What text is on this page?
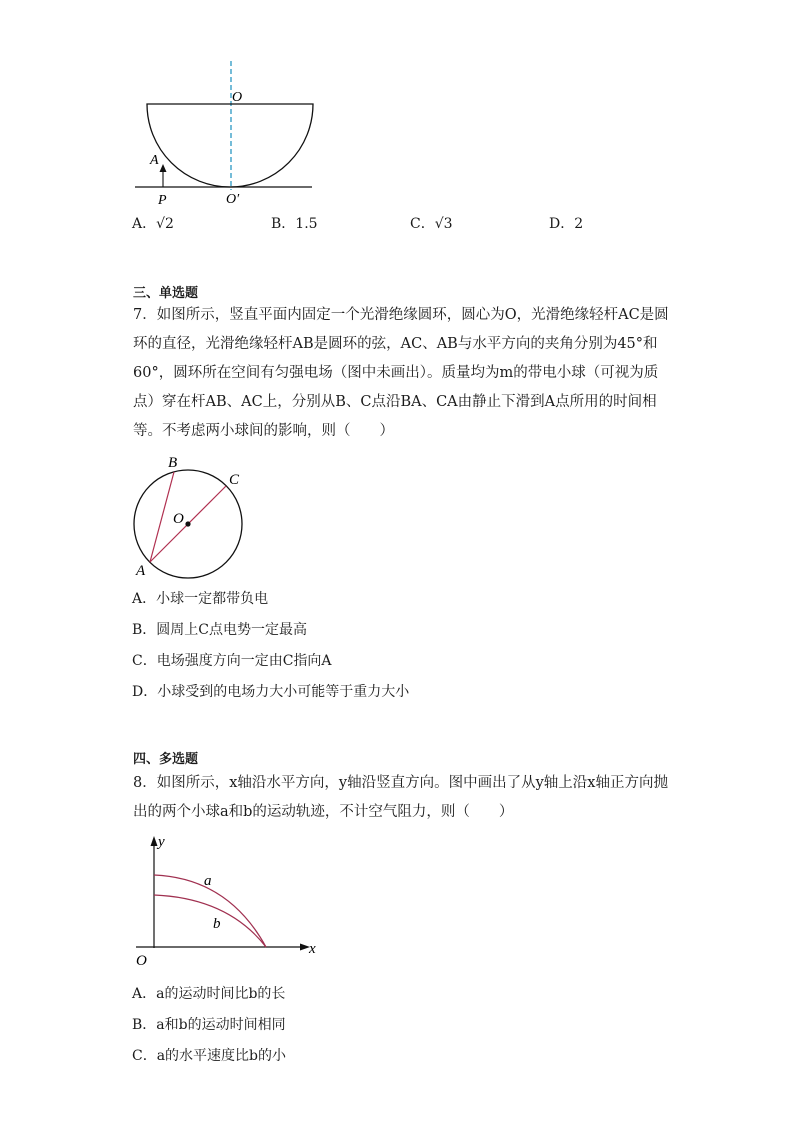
O
A
P	O′
A．√2	B．1.5	C．√3	D．2
三、单选题
7．如图所示，竖直平面内固定一个光滑绝缘圆环，圆心为O，光滑绝缘轻杆AC是圆环的直径，光滑绝缘轻杆AB是圆环的弦，AC、AB与水平方向的夹角分别为45°和60°，圆环所在空间有匀强电场（图中未画出）。质量均为m的带电小球（可视为质点）穿在杆AB、AC上，分别从B、C点沿BA、CA由静止下滑到A点所用的时间相等。不考虑两小球间的影响，则（　　）
B
C
O
A
A．小球一定都带负电
B．圆周上C点电势一定最高
C．电场强度方向一定由C指向A
D．小球受到的电场力大小可能等于重力大小
四、多选题
8．如图所示，x轴沿水平方向，y轴沿竖直方向。图中画出了从y轴上沿x轴正方向抛出的两个小球a和b的运动轨迹，不计空气阻力，则（　　）
y
x
O
a
b
A．a的运动时间比b的长
B．a和b的运动时间相同
C．a的水平速度比b的小
